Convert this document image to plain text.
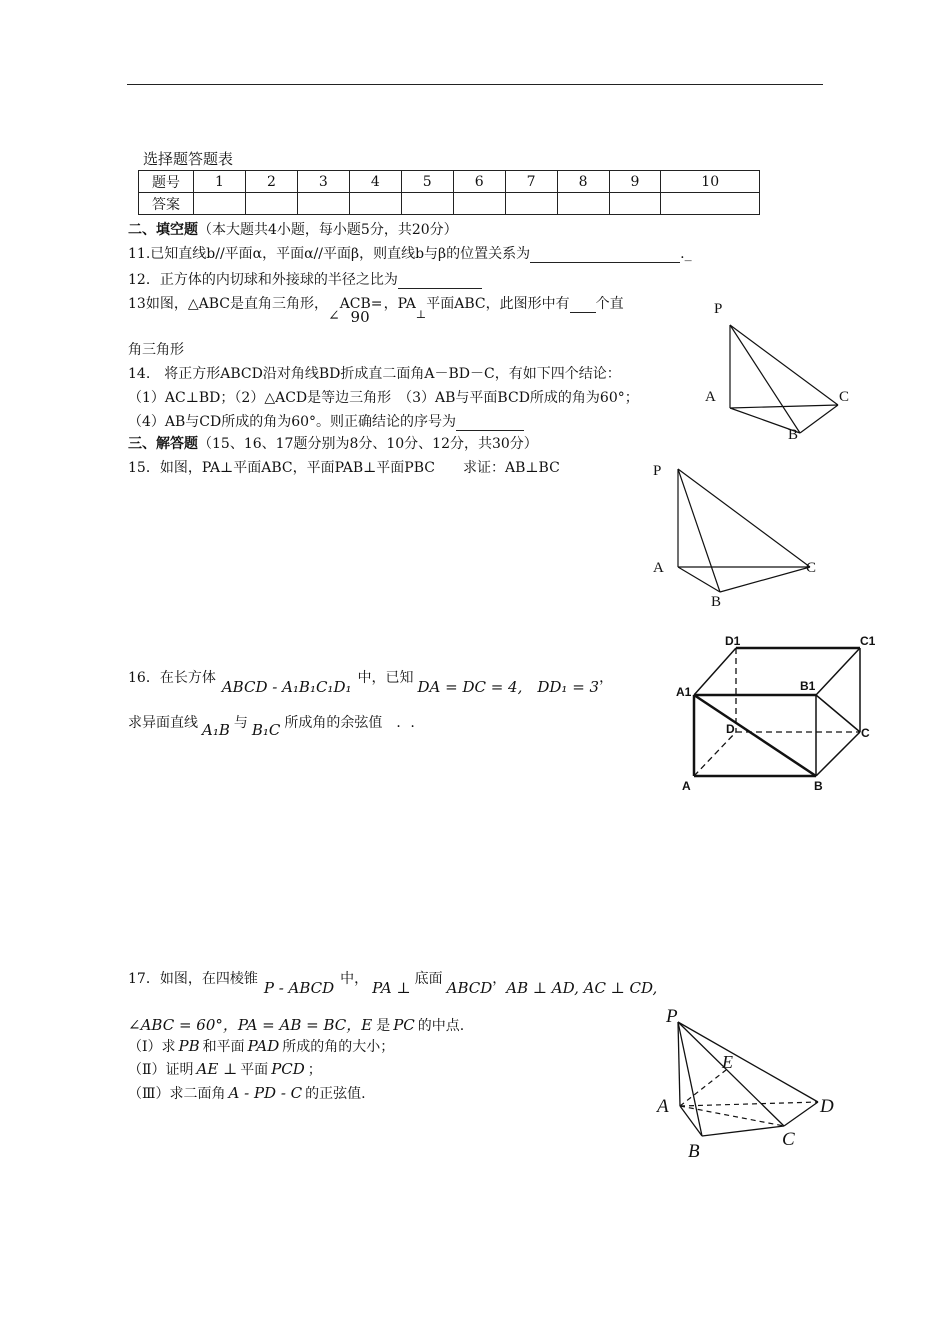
选择题答题表
题号	1	2	3	4	5	6	7	8	9	10
答案										
二、填空题（本大题共4小题，每小题5分，共20分）
11.已知直线b//平面α，平面α//平面β，则直线b与β的位置关系为	._
12．正方体的内切球和外接球的半径之比为
13如图，△ABC是直角三角形，∠ACB=90，$PA_\perp$平面ABC，此图形中有 个直
角三角形
14.　将正方形ABCD沿对角线BD折成直二面角A－BD－C，有如下四个结论：
（1）AC⊥BD；（2）△ACD是等边三角形　（3）AB与平面BCD所成的角为60°；
（4）AB与CD所成的角为60°。则正确结论的序号为
三、解答题（15、16、17题分别为8分、10分、12分，共30分）
15．如图，PA⊥平面ABC，平面PAB⊥平面PBC　　求证：AB⊥BC
16．在长方体 ABCD - A₁B₁C₁D₁ 中，已知 DA = DC = 4,　DD₁ = 3，
求异面直线 A₁B 与 B₁C 所成角的余弦值　．.
17．如图，在四棱锥 P - ABCD 中， PA ⊥ 底面 ABCD，AB ⊥ AD, AC ⊥ CD,
∠ABC = 60°，PA = AB = BC，E 是 PC 的中点.
（Ⅰ）求 PB 和平面 PAD 所成的角的大小；
（Ⅱ）证明 AE ⊥ 平面 PCD ；
（Ⅲ）求二面角 A - PD - C 的正弦值.
P
A
B
C
P
A
B
C
D1	C1
A1	B1
D	C
A	B
P
E
A	D
B
C
